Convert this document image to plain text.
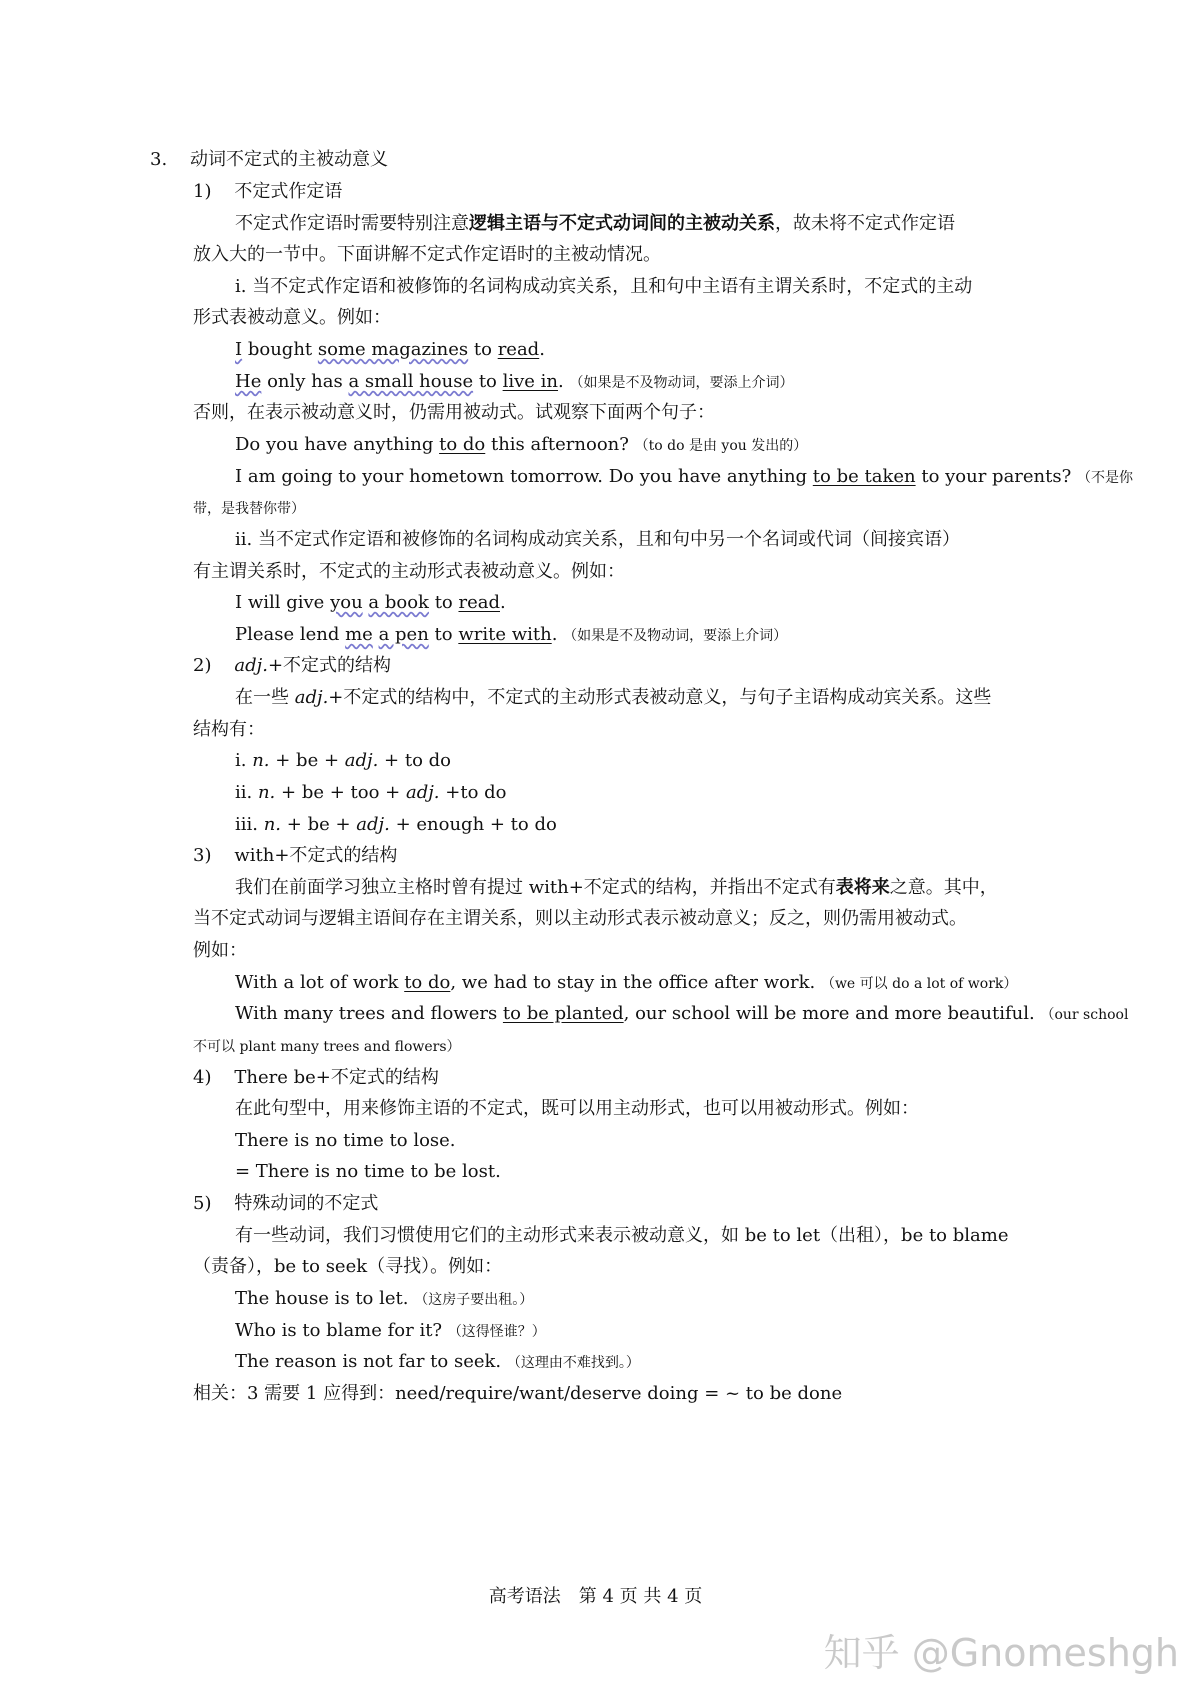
3.    动词不定式的主被动意义
1)    不定式作定语
不定式作定语时需要特别注意逻辑主语与不定式动词间的主被动关系，故未将不定式作定语
放入大的一节中。下面讲解不定式作定语时的主被动情况。
i. 当不定式作定语和被修饰的名词构成动宾关系，且和句中主语有主谓关系时，不定式的主动
形式表被动意义。例如：
I bought some magazines to read.
He only has a small house to live in. （如果是不及物动词，要添上介词）
否则，在表示被动意义时，仍需用被动式。试观察下面两个句子：
Do you have anything to do this afternoon? （to do 是由 you 发出的）
I am going to your hometown tomorrow. Do you have anything to be taken to your parents? （不是你
带，是我替你带）
ii. 当不定式作定语和被修饰的名词构成动宾关系，且和句中另一个名词或代词（间接宾语）
有主谓关系时，不定式的主动形式表被动意义。例如：
I will give you a book to read.
Please lend me a pen to write with. （如果是不及物动词，要添上介词）
2)    adj.+不定式的结构
在一些 adj.+不定式的结构中，不定式的主动形式表被动意义，与句子主语构成动宾关系。这些
结构有：
i. n. + be + adj. + to do
ii. n. + be + too + adj. +to do
iii. n. + be + adj. + enough + to do
3)    with+不定式的结构
我们在前面学习独立主格时曾有提过 with+不定式的结构，并指出不定式有表将来之意。其中，
当不定式动词与逻辑主语间存在主谓关系，则以主动形式表示被动意义；反之，则仍需用被动式。
例如：
With a lot of work to do, we had to stay in the office after work. （we 可以 do a lot of work）
With many trees and flowers to be planted, our school will be more and more beautiful. （our school
不可以 plant many trees and flowers）
4)    There be+不定式的结构
在此句型中，用来修饰主语的不定式，既可以用主动形式，也可以用被动形式。例如：
There is no time to lose.
= There is no time to be lost.
5)    特殊动词的不定式
有一些动词，我们习惯使用它们的主动形式来表示被动意义，如 be to let（出租），be to blame
（责备），be to seek（寻找）。例如：
The house is to let. （这房子要出租。）
Who is to blame for it? （这得怪谁？）
The reason is not far to seek. （这理由不难找到。）
相关：3 需要 1 应得到：need/require/want/deserve doing = ~ to be done
高考语法　第 4 页 共 4 页
知乎 @Gnomeshgh
